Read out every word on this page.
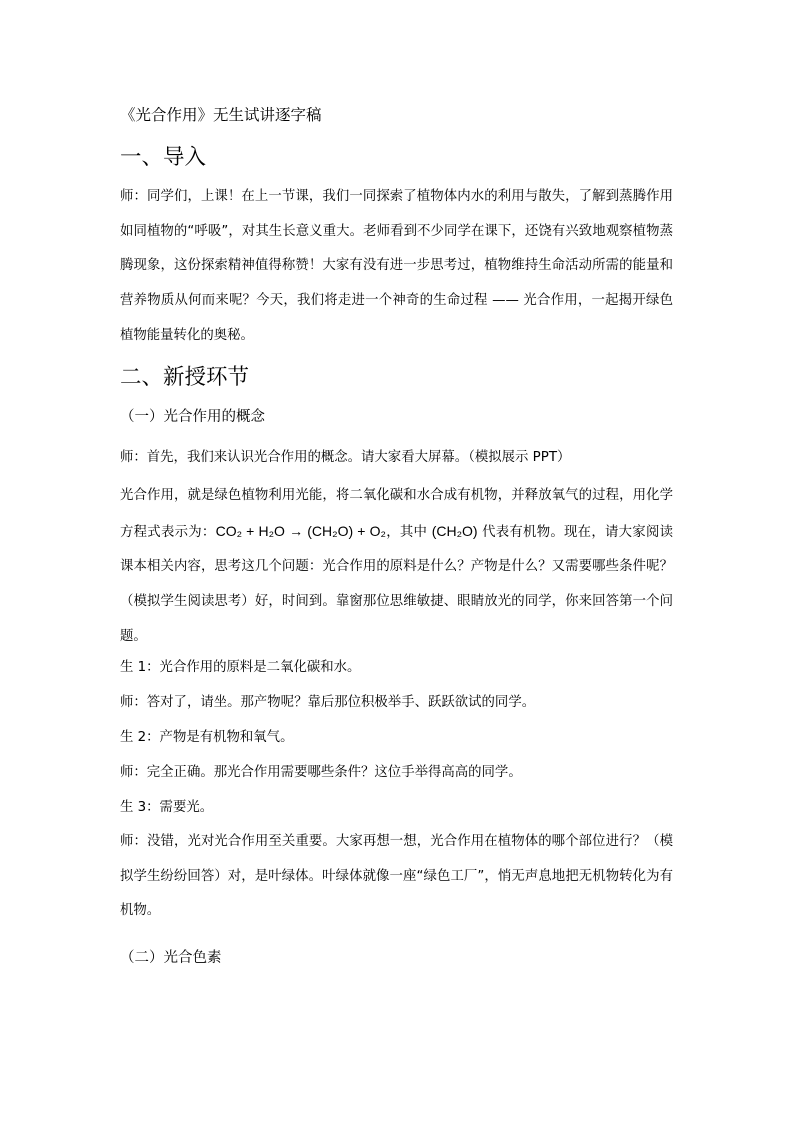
《光合作用》无生试讲逐字稿
一、导入

师：同学们，上课！在上一节课，我们一同探索了植物体内水的利用与散失，了解到蒸腾作用如同植物的“呼吸”，对其生长意义重大。老师看到不少同学在课下，还饶有兴致地观察植物蒸腾现象，这份探索精神值得称赞！大家有没有进一步思考过，植物维持生命活动所需的能量和营养物质从何而来呢？今天，我们将走进一个神奇的生命过程 —— 光合作用，一起揭开绿色植物能量转化的奥秘。

二、新授环节
（一）光合作用的概念

师：首先，我们来认识光合作用的概念。请大家看大屏幕。（模拟展示 PPT）

光合作用，就是绿色植物利用光能，将二氧化碳和水合成有机物，并释放氧气的过程，用化学方程式表示为：CO₂ + H₂O → (CH₂O) + O₂，其中 (CH₂O) 代表有机物。现在，请大家阅读课本相关内容，思考这几个问题：光合作用的原料是什么？产物是什么？又需要哪些条件呢？（模拟学生阅读思考）好，时间到。靠窗那位思维敏捷、眼睛放光的同学，你来回答第一个问题。

生 1：光合作用的原料是二氧化碳和水。

师：答对了，请坐。那产物呢？靠后那位积极举手、跃跃欲试的同学。

生 2：产物是有机物和氧气。

师：完全正确。那光合作用需要哪些条件？这位手举得高高的同学。

生 3：需要光。

师：没错，光对光合作用至关重要。大家再想一想，光合作用在植物体的哪个部位进行？（模拟学生纷纷回答）对，是叶绿体。叶绿体就像一座“绿色工厂”，悄无声息地把无机物转化为有机物。

（二）光合色素
